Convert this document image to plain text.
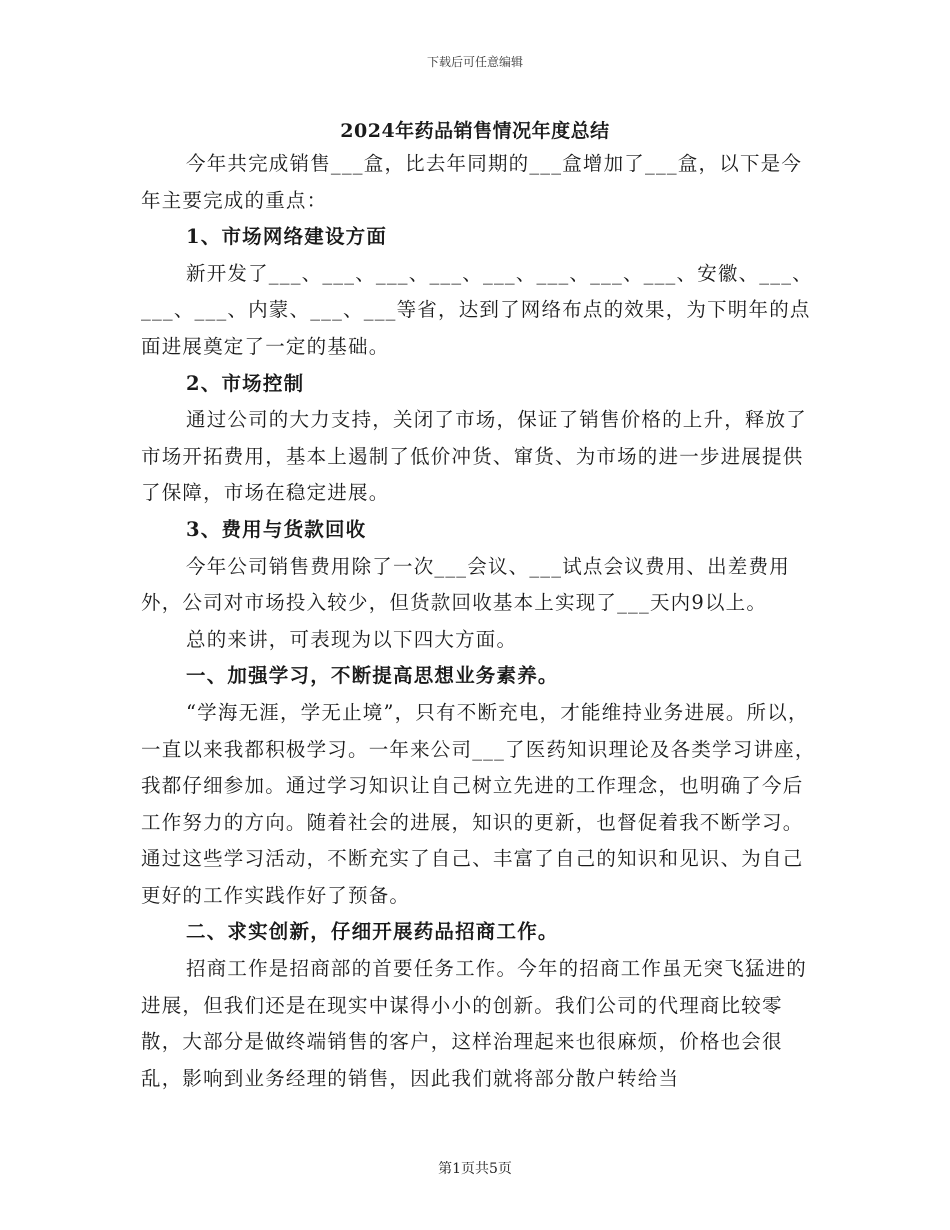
下载后可任意编辑
2024年药品销售情况年度总结

今年共完成销售___盒，比去年同期的___盒增加了___盒，以下是今年主要完成的重点：

1、市场网络建设方面

新开发了___、___、___、___、___、___、___、___、安徽、___、___、___、内蒙、___、___等省，达到了网络布点的效果，为下明年的点面进展奠定了一定的基础。

2、市场控制

通过公司的大力支持，关闭了市场，保证了销售价格的上升，释放了市场开拓费用，基本上遏制了低价冲货、窜货、为市场的进一步进展提供了保障，市场在稳定进展。

3、费用与货款回收

今年公司销售费用除了一次___会议、___试点会议费用、出差费用外，公司对市场投入较少，但货款回收基本上实现了___天内9以上。

总的来讲，可表现为以下四大方面。

一、加强学习，不断提高思想业务素养。

“学海无涯，学无止境”，只有不断充电，才能维持业务进展。所以，一直以来我都积极学习。一年来公司___了医药知识理论及各类学习讲座，我都仔细参加。通过学习知识让自己树立先进的工作理念，也明确了今后工作努力的方向。随着社会的进展，知识的更新，也督促着我不断学习。通过这些学习活动，不断充实了自己、丰富了自己的知识和见识、为自己更好的工作实践作好了预备。

二、求实创新，仔细开展药品招商工作。

招商工作是招商部的首要任务工作。今年的招商工作虽无突飞猛进的进展，但我们还是在现实中谋得小小的创新。我们公司的代理商比较零散，大部分是做终端销售的客户，这样治理起来也很麻烦，价格也会很乱，影响到业务经理的销售，因此我们就将部分散户转给当

第1页共5页
